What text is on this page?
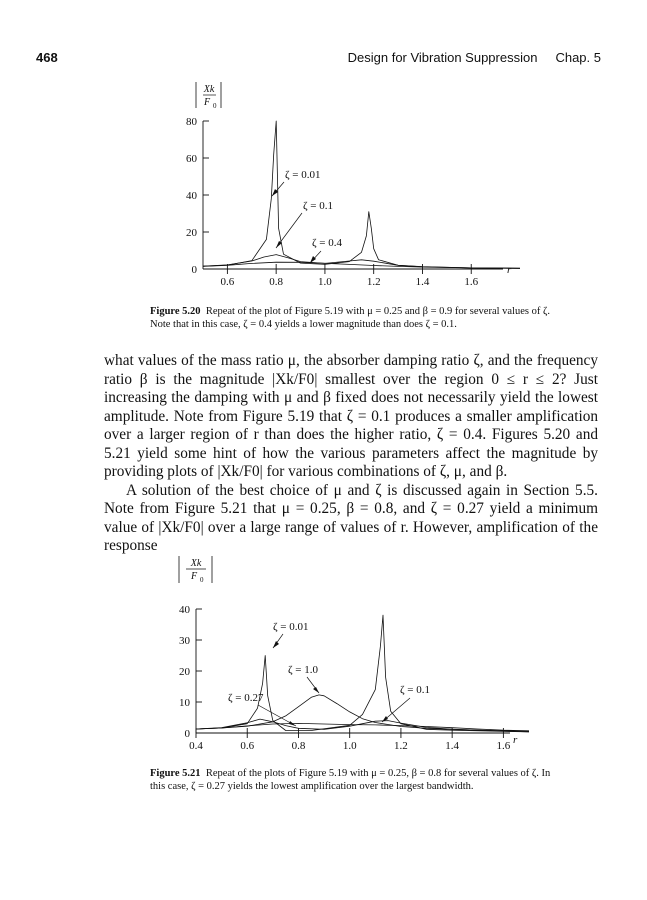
468	Design for Vibration Suppression Chap. 5
Xk
F 0
0
20
40
60
80
0.6	0.8	1.0	1.2	1.4	1.6
ζ = 0.01
ζ = 0.1
ζ = 0.4
r
Figure 5.20 Repeat of the plot of Figure 5.19 with μ = 0.25 and β = 0.9 for several values of ζ. Note that in this case, ζ = 0.4 yields a lower magnitude than does ζ = 0.1.

what values of the mass ratio μ, the absorber damping ratio ζ, and the frequency ratio β is the magnitude |Xk/F0| smallest over the region 0 ≤ r ≤ 2? Just increasing the damping with μ and β fixed does not necessarily yield the lowest amplitude. Note from Figure 5.19 that ζ = 0.1 produces a smaller amplification over a larger region of r than does the higher ratio, ζ = 0.4. Figures 5.20 and 5.21 yield some hint of how the various parameters affect the magnitude by providing plots of |Xk/F0| for various combinations of ζ, μ, and β.

A solution of the best choice of μ and ζ is discussed again in Section 5.5. Note from Figure 5.21 that μ = 0.25, β = 0.8, and ζ = 0.27 yield a minimum value of |Xk/F0| over a large range of values of r. However, amplification of the response

Xk
F 0
0
10
20
30
40
0.4	0.6	0.8	1.0	1.2	1.4	1.6
ζ = 0.01
ζ = 1.0
ζ = 0.1
ζ = 0.27
r
Figure 5.21 Repeat of the plots of Figure 5.19 with μ = 0.25, β = 0.8 for several values of ζ. In this case, ζ = 0.27 yields the lowest amplification over the largest bandwidth.
